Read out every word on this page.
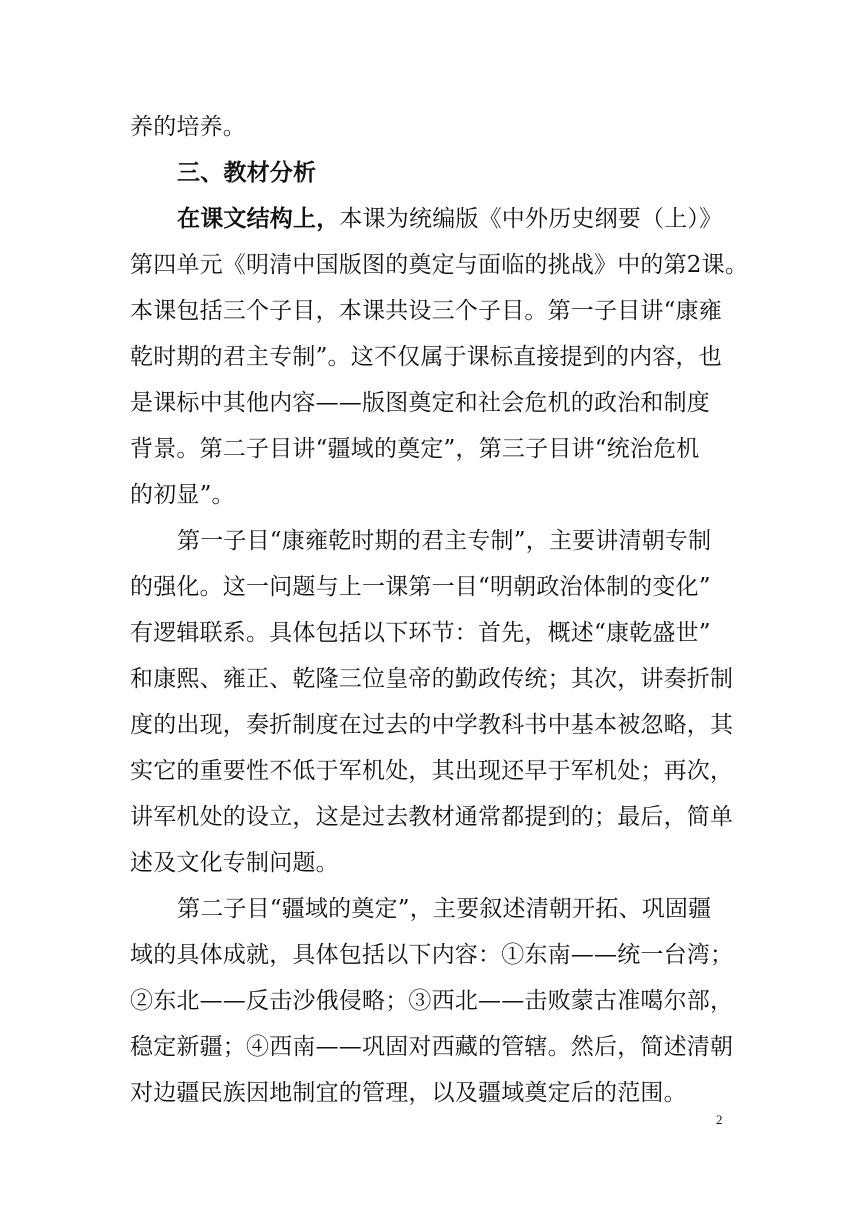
养的培养。
三、教材分析
在课文结构上，本课为统编版《中外历史纲要（上）》
第四单元《明清中国版图的奠定与面临的挑战》中的第2课。
本课包括三个子目，本课共设三个子目。第一子目讲“康雍
乾时期的君主专制”。这不仅属于课标直接提到的内容，也
是课标中其他内容——版图奠定和社会危机的政治和制度
背景。第二子目讲“疆域的奠定”，第三子目讲“统治危机
的初显”。
第一子目“康雍乾时期的君主专制”，主要讲清朝专制
的强化。这一问题与上一课第一目“明朝政治体制的变化”
有逻辑联系。具体包括以下环节：首先，概述“康乾盛世”
和康熙、雍正、乾隆三位皇帝的勤政传统；其次，讲奏折制
度的出现，奏折制度在过去的中学教科书中基本被忽略，其
实它的重要性不低于军机处，其出现还早于军机处；再次，
讲军机处的设立，这是过去教材通常都提到的；最后，简单
述及文化专制问题。
第二子目“疆域的奠定”，主要叙述清朝开拓、巩固疆
域的具体成就，具体包括以下内容：①东南——统一台湾；
②东北——反击沙俄侵略；③西北——击败蒙古准噶尔部，
稳定新疆；④西南——巩固对西藏的管辖。然后，简述清朝
对边疆民族因地制宜的管理，以及疆域奠定后的范围。
2
